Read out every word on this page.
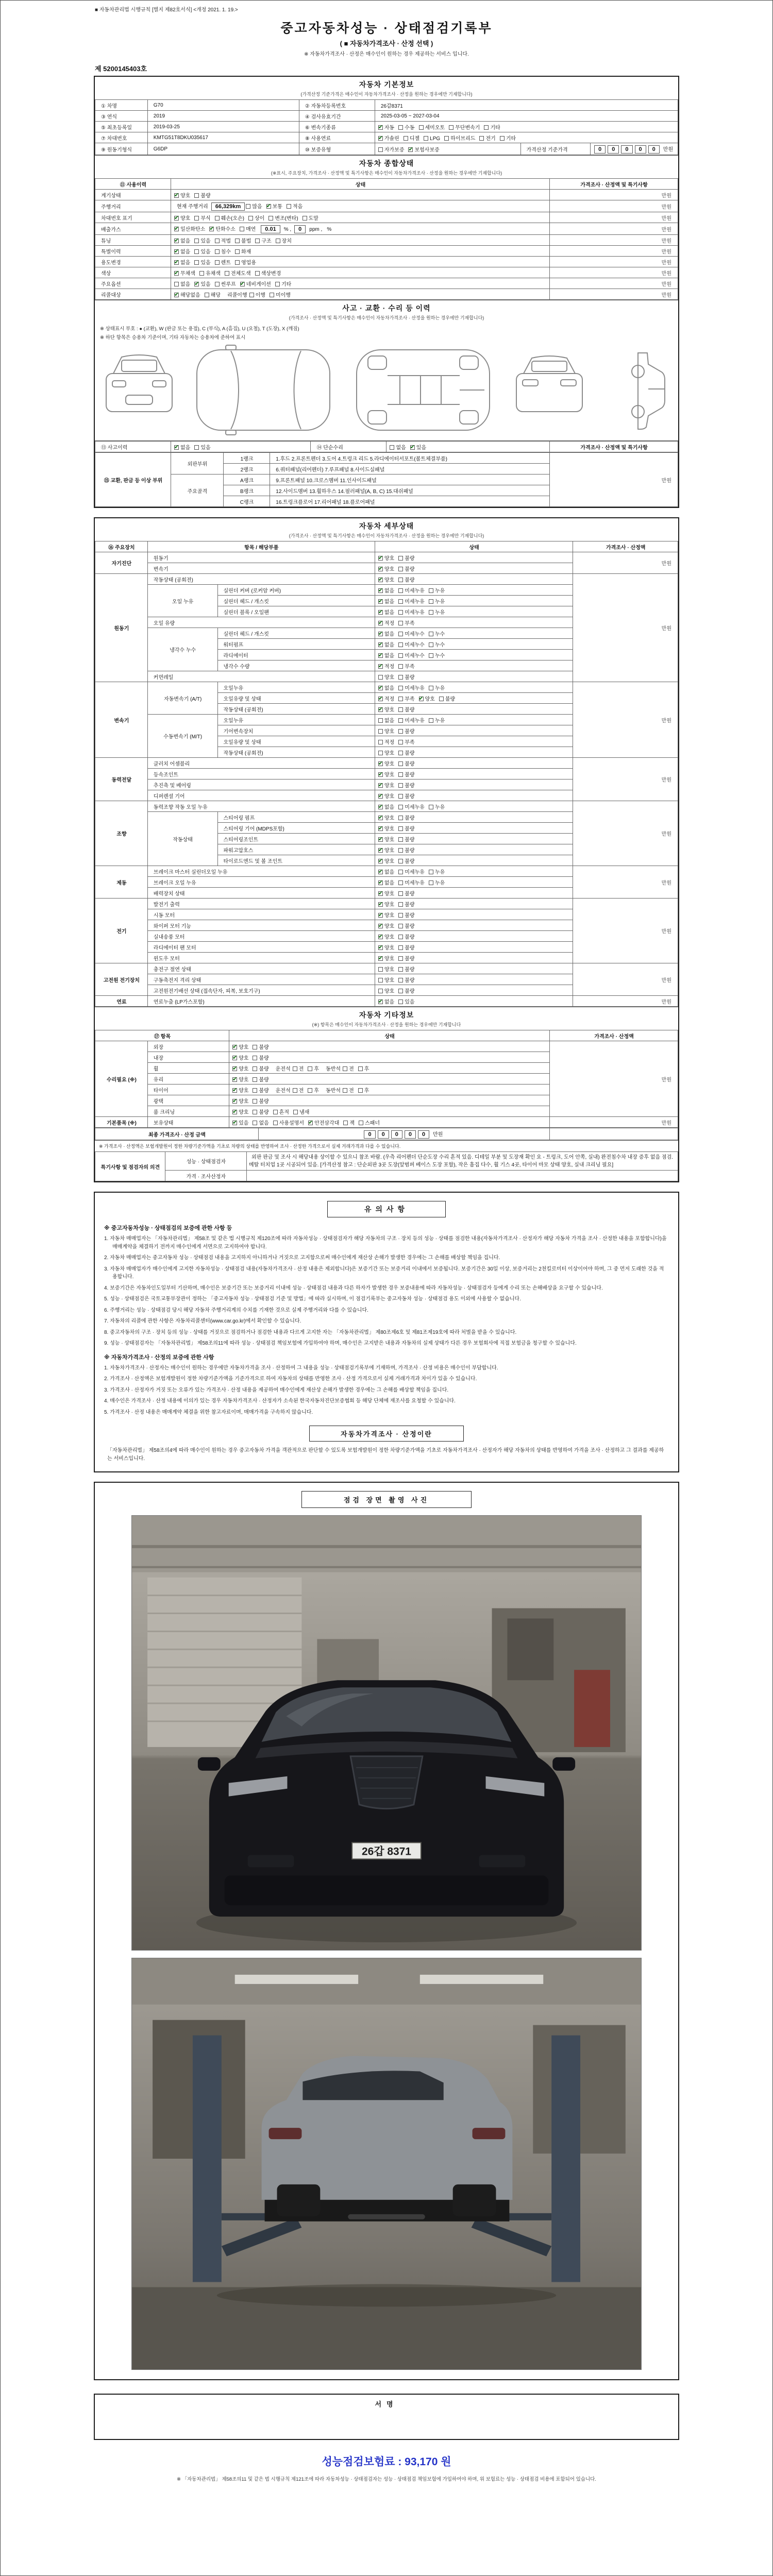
■ 자동차관리법 시행규칙 [별지 제82호서식] <개정 2021. 1. 19.>
중고자동차성능 · 상태점검기록부
( ■ 자동차가격조사 · 산정 선택 )
※ 자동차가격조사 · 산정은 매수인이 원하는 경우 제공하는 서비스 입니다.
제 5200145403호
자동차 기본정보
(가격산정 기준가격은 매수인이 자동차가격조사 · 산정을 원하는 경우에만 기재합니다)
① 차명	G70	② 자동차등록번호	26갑8371		
③ 연식	2019	④ 검사유효기간	2025-03-05 ~ 2027-03-04		
⑤ 최초등록일	2019-03-25	⑥ 변속기종류	✔자동 수동 세미오토 무단변속기 기타
⑦ 차대번호	KMTG51T8DKU035617	⑧ 사용연료	✔가솔린 디젤 LPG 하이브리드 전기 기타
⑨ 원동기형식	G6DP	⑩ 보증유형	자가보증 ✔ 보험사보증	가격산정 기준가격	0 0 0 0 0 만원
자동차 종합상태
(※표시, 주요장치, 가격조사 · 산정액 및 특기사항은 매수인이 자동차가격조사 · 산정을 원하는 경우에만 기재합니다)
⑪ 사용이력	상태	가격조사 · 산정액 및 특기사항
계기상태	✔양호 불량	만원
주행거리	현재 주행거리 66,329km 많음 ✔ 보통 적음	만원
차대번호 표기	✔양호 부식 훼손(오손) 상이 변조(변타) 도말	만원
배출가스	✔일산화탄소 ✔ 탄화수소 매연 0.01 % , 0 ppm , %	만원
튜닝	✔없음 있음 적법 불법 구조 장치	만원
특별이력	✔없음 있음 침수 화재	만원
용도변경	✔없음 있음 렌트 영업용	만원
색상	✔무채색 유채색 전체도색 색상변경	만원
주요옵션	없음 ✔ 있음 썬루프 ✔ 네비게이션 기타	만원
리콜대상	✔해당없음 해당 리콜이행 이행 미이행	만원
사고 · 교환 · 수리 등 이력
(가격조사 · 산정액 및 특기사항은 매수인이 자동차가격조사 · 산정을 원하는 경우에만 기재합니다)
※ 상태표시 부호 : ● (교환), W (판금 또는 용접), C (부식), A (흠집), U (요철), T (도장), X (깨짐)
※ 하단 항목은 승용차 기준이며, 기타 자동차는 승용차에 준하여 표시
⑬ 사고이력	✔없음 있음	⑭ 단순수리	없음 ✔ 있음	가격조사 · 산정액 및 특기사항
⑮ 교환, 판금 등 이상 부위	외판부위	1랭크	1.후드 2.프론트펜더 3.도어 4.트렁크 리드 5.라디에이터서포트(볼트체결부품)	만원
		2랭크	6.쿼터패널(리어펜더) 7.루프패널 8.사이드실패널	
	주요골격	A랭크	9.프론트패널 10.크로스멤버 11.인사이드패널	
		B랭크	12.사이드멤버 13.휠하우스 14.필러패널(A, B, C) 15.대쉬패널	
		C랭크	16.트렁크플로어 17.리어패널 18.플로어패널	
자동차 세부상태
(가격조사 · 산정액 및 특기사항은 매수인이 자동차가격조사 · 산정을 원하는 경우에만 기재합니다)
⑯ 주요장치	항목 / 해당부품		상태	가격조사 · 산정액
자기진단	원동기	✔양호 불량	만원
	변속기	✔양호 불량
원동기	작동상태 (공회전)	✔양호 불량	만원
	오일 누유	실린더 커버 (로커암 커버)	✔없음 미세누유 누유
		실린더 헤드 / 개스킷	✔없음 미세누유 누유
		실린더 블록 / 오일팬	✔없음 미세누유 누유
	오일 유량	✔적정 부족
	냉각수 누수	실린더 헤드 / 개스킷	✔없음 미세누수 누수
		워터펌프	✔없음 미세누수 누수
		라디에이터	✔없음 미세누수 누수
		냉각수 수량	✔적정 부족
	커먼레일		양호 불량	
변속기	자동변속기 (A/T)	오일누유	✔없음 미세누유 누유	만원
		오일유량 및 상태	✔적정 부족 ✔ 양호 불량
		작동상태 (공회전)	✔양호 불량
	수동변속기 (M/T)	오일누유	없음 미세누유 누유	
		기어변속장치	양호 불량	
		오일유량 및 상태	적정 부족	
		작동상태 (공회전)	양호 불량	
동력전달	클러치 어셈블리	✔양호 불량	만원
	등속조인트	✔양호 불량
	추진축 및 베어링	✔양호 불량
	디퍼렌셜 기어	✔양호 불량
조향	동력조향 작동 오일 누유	✔없음 미세누유 누유	만원
	작동상태	스티어링 펌프	✔양호 불량
		스티어링 기어 (MDPS포함)	✔양호 불량
		스티어링조인트	✔양호 불량
		파워고압호스	✔양호 불량
		타이로드엔드 및 볼 조인트	✔양호 불량
제동	브레이크 마스터 실린더오일 누유	✔없음 미세누유 누유	만원
	브레이크 오일 누유	✔없음 미세누유 누유
	배력장치 상태	✔양호 불량
전기	발전기 출력	✔양호 불량	만원
	시동 모터	✔양호 불량
	와이퍼 모터 기능	✔양호 불량
	실내송풍 모터	✔양호 불량
	라디에이터 팬 모터	✔양호 불량
	윈도우 모터	✔양호 불량
고전원 전기장치	충전구 절연 상태		양호 불량	만원
	구동축전지 격리 상태		양호 불량	
	고전원전기배선 상태 (접속단자, 피복, 보호기구)		양호 불량	
연료	연료누출 (LP가스포함)	✔없음 있음	만원
자동차 기타정보
(※) 항목은 매수인이 자동차가격조사 · 산정을 원하는 경우에만 기재합니다
⑰ 항목		상태	가격조사 · 산정액
수리필요 (※)	외장	✔양호 불량	만원
	내장	✔양호 불량
	휠	✔양호 불량 운전석 전 후 동반석 전 후
	유리	✔양호 불량
	타이어	✔양호 불량 운전석 전 후 동반석 전 후
	광택	✔양호 불량
	룸 크리닝	✔양호 불량 흔적 냄새
기본품목 (※)	보유상태	✔있음 없음 사용설명서 ✔ 안전삼각대 잭 스패너	만원
최종 가격조사 · 산정 금액	0 0 0 0 0 만원	
※ 가격조사 · 산정액은 보험개발원이 정한 차량기준가액을 기초로 차량의 상태를 반영하여 조사 · 산정한 가격으로서 실제 거래가격과 다를 수 있습니다.
특기사항 및 점검자의 의견	성능 · 상태점검자	외판 판금 및 조사 시 해당내용 상이할 수 있으니 참조 바람. (우측 리어펜더 단순도장 수리 흔적 있음. 디테일 부분 및 도장재 확인 요 - 트렁크, 도어 안쪽, 실내) 완전침수차 내장 증후 없음 점검. 메탈 터치업 1곳 시공되어 있음. [가격산정 참고 : 단순외판 3곳 도장(앞범퍼 베이스 도장 포함), 작은 흠집 다수, 휠 기스 4곳, 타이어 마모 상태 양호, 실내 크리닝 필요]
	가격 · 조사산정자	
유의사항
※ 중고자동차성능 · 상태점검의 보증에 관한 사항 등

1. 자동차 매매업자는 「자동차관리법」 제58조 및 같은 법 시행규칙 제120조에 따라 자동차성능 · 상태점검자가 해당 자동차의 구조 · 장치 등의 성능 · 상태를 점검한 내용(자동차가격조사 · 산정자가 해당 자동차 가격을 조사 · 산정한 내용을 포함합니다)을 매매계약을 체결하기 전까지 매수인에게 서면으로 고지하여야 합니다.

2. 자동차 매매업자는 중고자동차 성능 · 상태점검 내용을 고지하지 아니하거나 거짓으로 고지함으로써 매수인에게 재산상 손해가 발생한 경우에는 그 손해를 배상할 책임을 집니다.

3. 자동차 매매업자가 매수인에게 고지한 자동차성능 · 상태점검 내용(자동차가격조사 · 산정 내용은 제외합니다)은 보증기간 또는 보증거리 이내에서 보증됩니다. 보증기간은 30일 이상, 보증거리는 2천킬로미터 이상이어야 하며, 그 중 먼저 도래한 것을 적용합니다.

4. 보증기간은 자동차인도일부터 기산하며, 매수인은 보증기간 또는 보증거리 이내에 성능 · 상태점검 내용과 다른 하자가 발생한 경우 보증내용에 따라 자동차성능 · 상태점검자 등에게 수리 또는 손해배상을 요구할 수 있습니다.

5. 성능 · 상태점검은 국토교통부장관이 정하는 「중고자동차 성능 · 상태점검 기준 및 방법」에 따라 실시하며, 이 점검기록부는 중고자동차 성능 · 상태점검 용도 이외에 사용할 수 없습니다.

6. 주행거리는 성능 · 상태점검 당시 해당 자동차 주행거리계의 수치를 기재한 것으로 실제 주행거리와 다를 수 있습니다.

7. 자동차의 리콜에 관한 사항은 자동차리콜센터(www.car.go.kr)에서 확인할 수 있습니다.

8. 중고자동차의 구조 · 장치 등의 성능 · 상태를 거짓으로 점검하거나 점검한 내용과 다르게 고지한 자는 「자동차관리법」 제80조제6호 및 제81조제19호에 따라 처벌을 받을 수 있습니다.

9. 성능 · 상태점검자는 「자동차관리법」 제58조의11에 따라 성능 · 상태점검 책임보험에 가입하여야 하며, 매수인은 고지받은 내용과 자동차의 실제 상태가 다른 경우 보험회사에 직접 보험금을 청구할 수 있습니다.

※ 자동차가격조사 · 산정의 보증에 관한 사항

1. 자동차가격조사 · 산정자는 매수인이 원하는 경우에만 자동차가격을 조사 · 산정하여 그 내용을 성능 · 상태점검기록부에 기재하며, 가격조사 · 산정 비용은 매수인이 부담합니다.

2. 가격조사 · 산정액은 보험개발원이 정한 차량기준가액을 기준가격으로 하여 자동차의 상태를 반영한 조사 · 산정 가격으로서 실제 거래가격과 차이가 있을 수 있습니다.

3. 가격조사 · 산정자가 거짓 또는 오류가 있는 가격조사 · 산정 내용을 제공하여 매수인에게 재산상 손해가 발생한 경우에는 그 손해를 배상할 책임을 집니다.

4. 매수인은 가격조사 · 산정 내용에 이의가 있는 경우 자동차가격조사 · 산정자가 소속된 한국자동차진단보증협회 등 해당 단체에 재조사를 요청할 수 있습니다.

5. 가격조사 · 산정 내용은 매매계약 체결을 위한 참고자료이며, 매매가격을 구속하지 않습니다.

자동차가격조사 · 산정이란

「자동차관리법」 제58조의4에 따라 매수인이 원하는 경우 중고자동차 가격을 객관적으로 판단할 수 있도록 보험개발원이 정한 차량기준가액을 기초로 자동차가격조사 · 산정자가 해당 자동차의 상태를 반영하여 가격을 조사 · 산정하고 그 결과를 제공하는 서비스입니다.

점검 장면 촬영 사진
26갑 8371
서명
성능점검보험료 : 93,170 원
※ 「자동차관리법」 제58조의11 및 같은 법 시행규칙 제121조에 따라 자동차성능 · 상태점검자는 성능 · 상태점검 책임보험에 가입하여야 하며, 위 보험료는 성능 · 상태점검 비용에 포함되어 있습니다.
